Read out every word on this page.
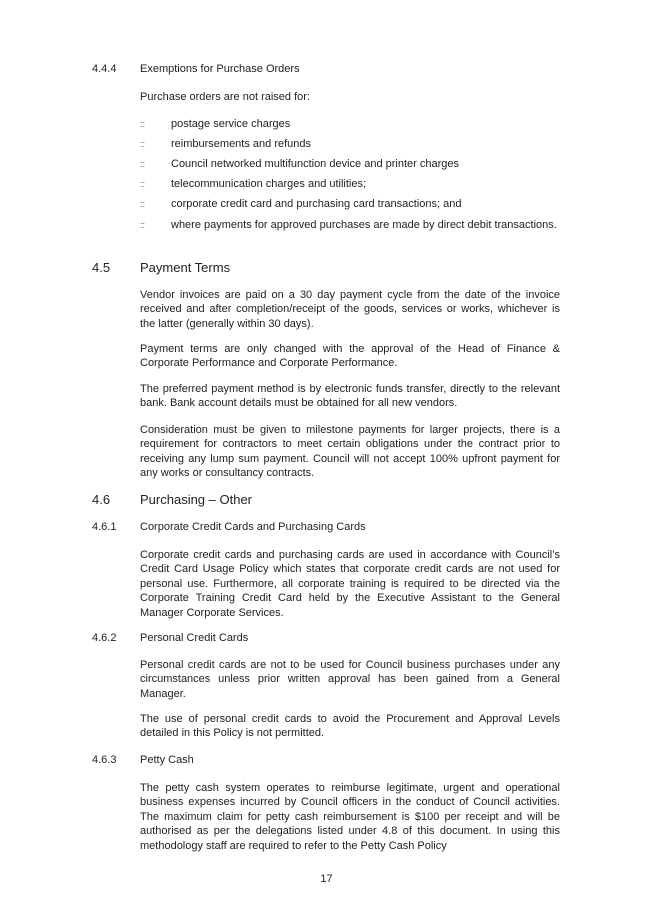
4.4.4 Exemptions for Purchase Orders
Purchase orders are not raised for:
:: postage service charges
:: reimbursements and refunds
:: Council networked multifunction device and printer charges
:: telecommunication charges and utilities;
:: corporate credit card and purchasing card transactions; and
:: where payments for approved purchases are made by direct debit transactions.
4.5 Payment Terms
Vendor invoices are paid on a 30 day payment cycle from the date of the invoice received and after completion/receipt of the goods, services or works, whichever is the latter (generally within 30 days).
Payment terms are only changed with the approval of the Head of Finance & Corporate Performance and Corporate Performance.
The preferred payment method is by electronic funds transfer, directly to the relevant bank. Bank account details must be obtained for all new vendors.
Consideration must be given to milestone payments for larger projects, there is a requirement for contractors to meet certain obligations under the contract prior to receiving any lump sum payment. Council will not accept 100% upfront payment for any works or consultancy contracts.
4.6 Purchasing – Other
4.6.1 Corporate Credit Cards and Purchasing Cards
Corporate credit cards and purchasing cards are used in accordance with Council’s Credit Card Usage Policy which states that corporate credit cards are not used for personal use. Furthermore, all corporate training is required to be directed via the Corporate Training Credit Card held by the Executive Assistant to the General Manager Corporate Services.
4.6.2 Personal Credit Cards
Personal credit cards are not to be used for Council business purchases under any circumstances unless prior written approval has been gained from a General Manager.
The use of personal credit cards to avoid the Procurement and Approval Levels detailed in this Policy is not permitted.
4.6.3 Petty Cash
The petty cash system operates to reimburse legitimate, urgent and operational business expenses incurred by Council officers in the conduct of Council activities. The maximum claim for petty cash reimbursement is $100 per receipt and will be authorised as per the delegations listed under 4.8 of this document. In using this methodology staff are required to refer to the Petty Cash Policy
17
